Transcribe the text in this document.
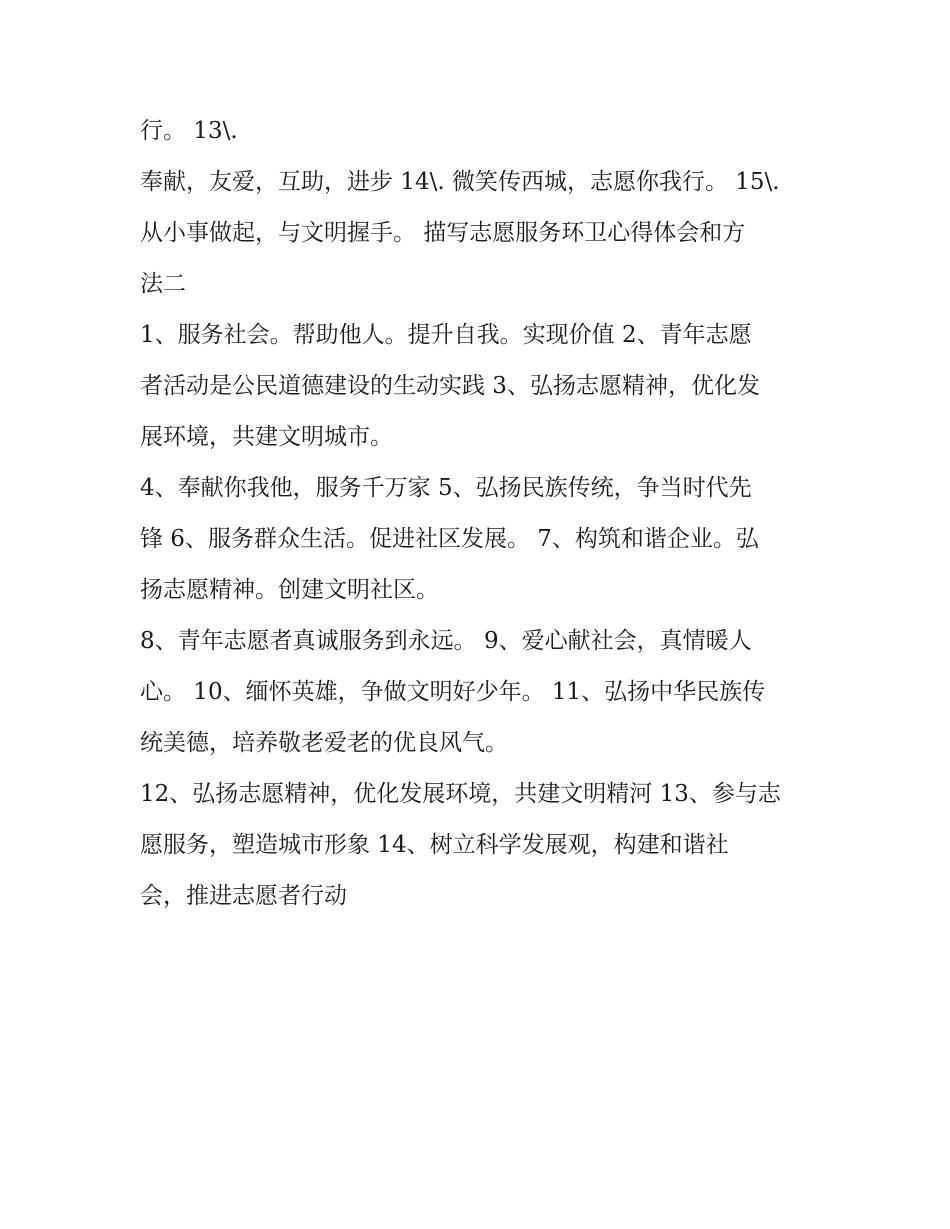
行。 13\.

奉献，友爱，互助，进步 14\. 微笑传西城，志愿你我行。 15\.
从小事做起，与文明握手。 描写志愿服务环卫心得体会和方
法二

1、服务社会。帮助他人。提升自我。实现价值 2、青年志愿
者活动是公民道德建设的生动实践 3、弘扬志愿精神，优化发
展环境，共建文明城市。

4、奉献你我他，服务千万家 5、弘扬民族传统，争当时代先
锋 6、服务群众生活。促进社区发展。 7、构筑和谐企业。弘
扬志愿精神。创建文明社区。

8、青年志愿者真诚服务到永远。 9、爱心献社会，真情暖人
心。 10、缅怀英雄，争做文明好少年。 11、弘扬中华民族传
统美德，培养敬老爱老的优良风气。

12、弘扬志愿精神，优化发展环境，共建文明精河 13、参与志
愿服务，塑造城市形象 14、树立科学发展观，构建和谐社
会，推进志愿者行动
